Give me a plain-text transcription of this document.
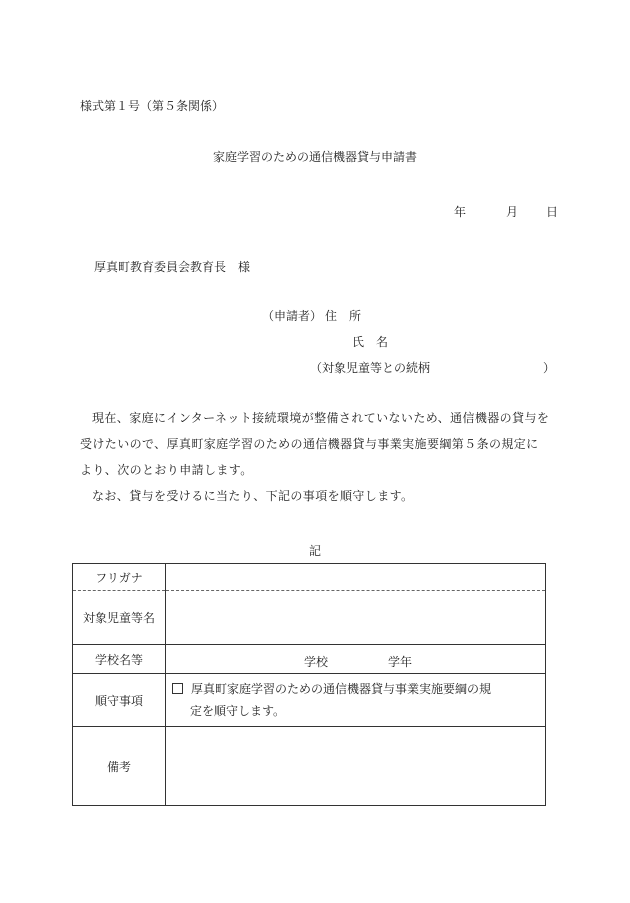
様式第１号（第５条関係）
家庭学習のための通信機器貸与申請書
年	月 日
厚真町教育委員会教育長　様
（申請者） 住　所
氏　名
（対象児童等との続柄	）

現在、家庭にインターネット接続環境が整備されていないため、通信機器の貸与を受けたいので、厚真町家庭学習のための通信機器貸与事業実施要綱第５条の規定により、次のとおり申請します。

なお、貸与を受けるに当たり、下記の事項を順守します。

記
フリガナ	
対象児童等名	
学校名等	学校 学年

順守事項	厚真町家庭学習のための通信機器貸与事業実施要綱の規
定を順守します。

備考	
